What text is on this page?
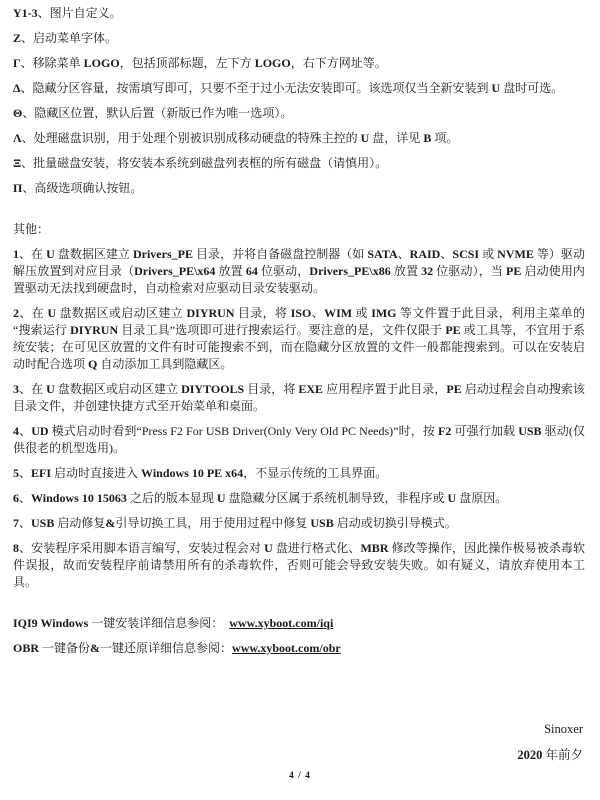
Y1-3、图片自定义。

Z、启动菜单字体。

Γ、移除菜单 LOGO，包括顶部标题，左下方 LOGO，右下方网址等。

Δ、隐藏分区容量，按需填写即可，只要不至于过小无法安装即可。该选项仅当全新安装到 U 盘时可选。

Θ、隐藏区位置，默认后置（新版已作为唯一选项）。

Λ、处理磁盘识别，用于处理个别被识别成移动硬盘的特殊主控的 U 盘，详见 B 项。

Ξ、批量磁盘安装，将安装本系统到磁盘列表框的所有磁盘（请慎用）。

Π、高级选项确认按钮。

其他：

1、在 U 盘数据区建立 Drivers_PE 目录，并将自备磁盘控制器（如 SATA、RAID、SCSI 或 NVME 等）驱动解压放置到对应目录（Drivers_PE\x64 放置 64 位驱动，Drivers_PE\x86 放置 32 位驱动），当 PE 启动使用内置驱动无法找到硬盘时，自动检索对应驱动目录安装驱动。

2、在 U 盘数据区或启动区建立 DIYRUN 目录，将 ISO、WIM 或 IMG 等文件置于此目录，利用主菜单的“搜索运行 DIYRUN 目录工具”选项即可进行搜索运行。要注意的是，文件仅限于 PE 或工具等，不宜用于系统安装；在可见区放置的文件有时可能搜索不到，而在隐藏分区放置的文件一般都能搜索到。可以在安装启动时配合选项 Q 自动添加工具到隐藏区。

3、在 U 盘数据区或启动区建立 DIYTOOLS 目录，将 EXE 应用程序置于此目录，PE 启动过程会自动搜索该目录文件，并创建快捷方式至开始菜单和桌面。

4、UD 模式启动时看到“Press F2 For USB Driver(Only Very Old PC Needs)”时，按 F2 可强行加载 USB 驱动(仅供很老的机型选用)。

5、EFI 启动时直接进入 Windows 10 PE x64，不显示传统的工具界面。

6、Windows 10 15063 之后的版本显现 U 盘隐藏分区属于系统机制导致，非程序或 U 盘原因。

7、USB 启动修复&引导切换工具，用于使用过程中修复 USB 启动或切换引导模式。

8、安装程序采用脚本语言编写，安装过程会对 U 盘进行格式化、MBR 修改等操作，因此操作极易被杀毒软件误报，故而安装程序前请禁用所有的杀毒软件，否则可能会导致安装失败。如有疑义，请放弃使用本工具。

IQI9 Windows 一键安装详细信息参阅：　www.xyboot.com/iqi

OBR 一键备份&一键还原详细信息参阅：www.xyboot.com/obr

Sinoxer
2020 年前夕
4 / 4
